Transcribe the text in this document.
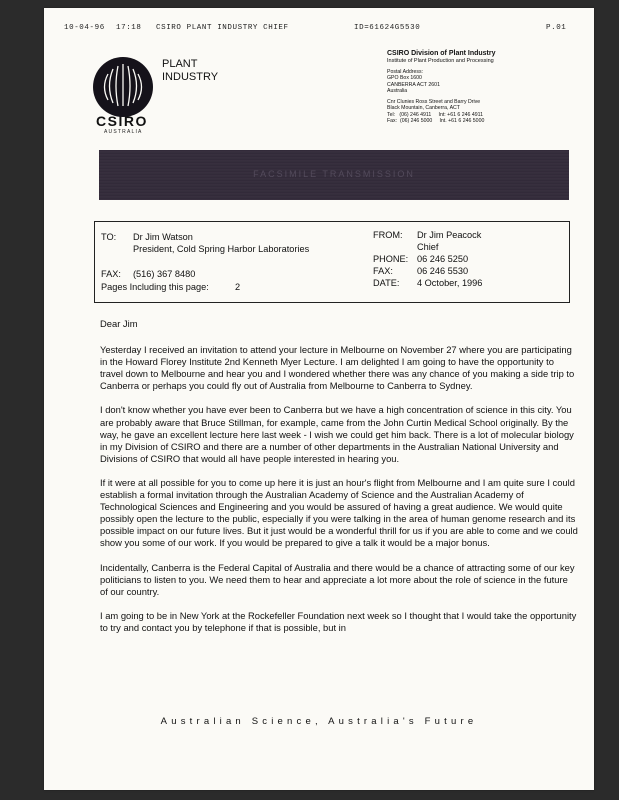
10-04-96 17:18 CSIRO PLANT INDUSTRY CHIEF	ID=61624G5530	P.01
CSIRO
AUSTRALIA
PLANT
INDUSTRY
CSIRO Division of Plant Industry
Institute of Plant Production and Processing
Postal Address:
GPO Box 1600
CANBERRA ACT 2601
Australia
Cnr Clunies Ross Street and Barry Drive
Black Mountain, Canberra, ACT
Tel:   (06) 246 4911     Int: +61 6 246 4911
Fax:  (06) 246 5000     Int. +61 6 246 5000
FACSIMILE TRANSMISSION
TO: Dr Jim Watson
President, Cold Spring Harbor Laboratories
FAX: (516) 367 8480
Pages Including this page:	2
FROM: Dr Jim Peacock
Chief
PHONE: 06 246 5250
FAX:	06 246 5530
DATE: 4 October, 1996

Dear Jim

Yesterday I received an invitation to attend your lecture in Melbourne on November 27 where you are participating in the Howard Florey Institute 2nd Kenneth Myer Lecture. I am delighted I am going to have the opportunity to travel down to Melbourne and hear you and I wondered whether there was any chance of you making a side trip to Canberra or perhaps you could fly out of Australia from Melbourne to Canberra to Sydney.

I don't know whether you have ever been to Canberra but we have a high concentration of science in this city. You are probably aware that Bruce Stillman, for example, came from the John Curtin Medical School originally. By the way, he gave an excellent lecture here last week - I wish we could get him back. There is a lot of molecular biology in my Division of CSIRO and there are a number of other departments in the Australian National University and Divisions of CSIRO that would all have people interested in hearing you.

If it were at all possible for you to come up here it is just an hour's flight from Melbourne and I am quite sure I could establish a formal invitation through the Australian Academy of Science and the Australian Academy of Technological Sciences and Engineering and you would be assured of having a great audience. We would quite possibly open the lecture to the public, especially if you were talking in the area of human genome research and its possible impact on our future lives. But it just would be a wonderful thrill for us if you are able to come and we could show you some of our work. If you would be prepared to give a talk it would be a major bonus.

Incidentally, Canberra is the Federal Capital of Australia and there would be a chance of attracting some of our key politicians to listen to you. We need them to hear and appreciate a lot more about the role of science in the future of our country.

I am going to be in New York at the Rockefeller Foundation next week so I thought that I would take the opportunity to try and contact you by telephone if that is possible, but in

Australian Science, Australia's Future
